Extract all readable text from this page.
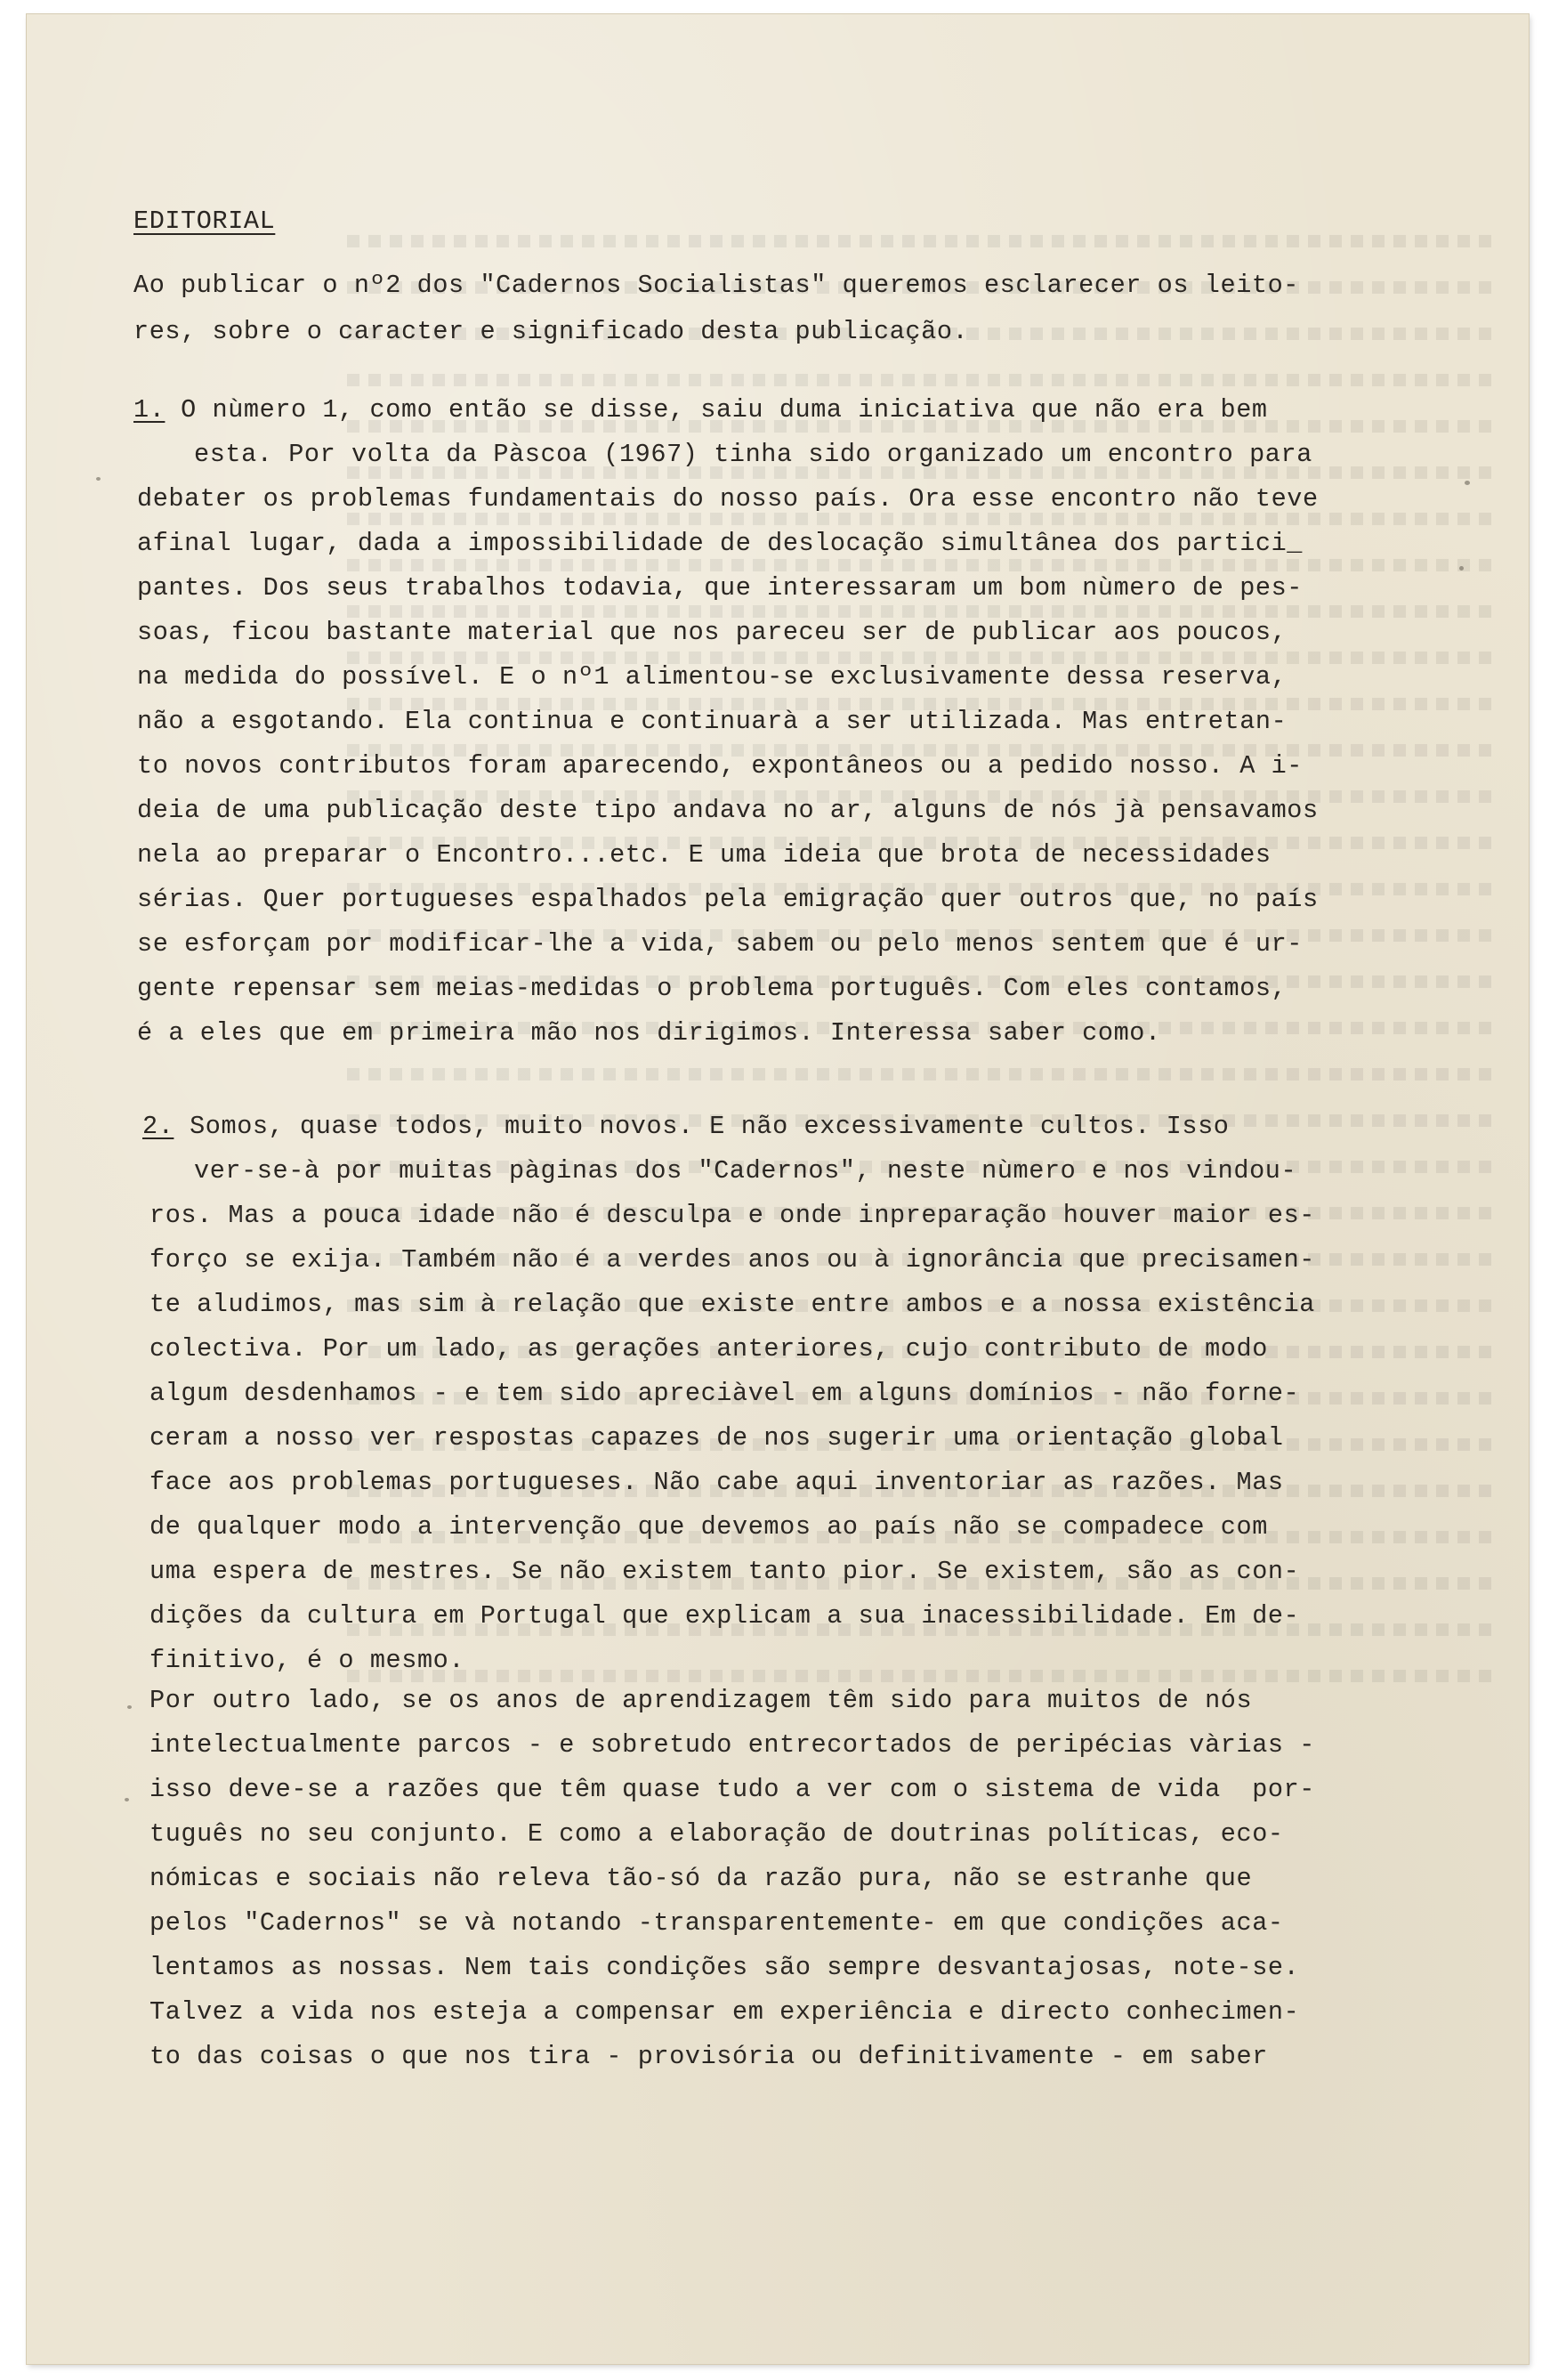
EDITORIAL

Ao publicar o nº2 dos "Cadernos Socialistas" queremos esclarecer os leito-

res, sobre o caracter e significado desta publicação.

1. O nùmero 1, como então se disse, saiu duma iniciativa que não era bem

esta. Por volta da Pàscoa (1967) tinha sido organizado um encontro para

debater os problemas fundamentais do nosso país. Ora esse encontro não teve

afinal lugar, dada a impossibilidade de deslocação simultânea dos partici_

pantes. Dos seus trabalhos todavia, que interessaram um bom nùmero de pes-

soas, ficou bastante material que nos pareceu ser de publicar aos poucos,

na medida do possível. E o nº1 alimentou-se exclusivamente dessa reserva,

não a esgotando. Ela continua e continuarà a ser utilizada. Mas entretan-

to novos contributos foram aparecendo, expontâneos ou a pedido nosso. A i-

deia de uma publicação deste tipo andava no ar, alguns de nós jà pensavamos

nela ao preparar o Encontro...etc. E uma ideia que brota de necessidades

sérias. Quer portugueses espalhados pela emigração quer outros que, no país

se esforçam por modificar-lhe a vida, sabem ou pelo menos sentem que é ur-

gente repensar sem meias-medidas o problema português. Com eles contamos,

é a eles que em primeira mão nos dirigimos. Interessa saber como.

2. Somos, quase todos, muito novos. E não excessivamente cultos. Isso

ver-se-à por muitas pàginas dos "Cadernos", neste nùmero e nos vindou-

ros. Mas a pouca idade não é desculpa e onde inpreparação houver maior es-

forço se exija. Também não é a verdes anos ou à ignorância que precisamen-

te aludimos, mas sim à relação que existe entre ambos e a nossa existência

colectiva. Por um lado, as gerações anteriores, cujo contributo de modo

algum desdenhamos - e tem sido apreciàvel em alguns domínios - não forne-

ceram a nosso ver respostas capazes de nos sugerir uma orientação global

face aos problemas portugueses. Não cabe aqui inventoriar as razões. Mas

de qualquer modo a intervenção que devemos ao país não se compadece com

uma espera de mestres. Se não existem tanto pior. Se existem, são as con-

dições da cultura em Portugal que explicam a sua inacessibilidade. Em de-

finitivo, é o mesmo.

Por outro lado, se os anos de aprendizagem têm sido para muitos de nós

intelectualmente parcos - e sobretudo entrecortados de peripécias vàrias -

isso deve-se a razões que têm quase tudo a ver com o sistema de vida  por-

tuguês no seu conjunto. E como a elaboração de doutrinas políticas, eco-

nómicas e sociais não releva tão-só da razão pura, não se estranhe que

pelos "Cadernos" se và notando -transparentemente- em que condições aca-

lentamos as nossas. Nem tais condições são sempre desvantajosas, note-se.

Talvez a vida nos esteja a compensar em experiência e directo conhecimen-

to das coisas o que nos tira - provisória ou definitivamente - em saber
